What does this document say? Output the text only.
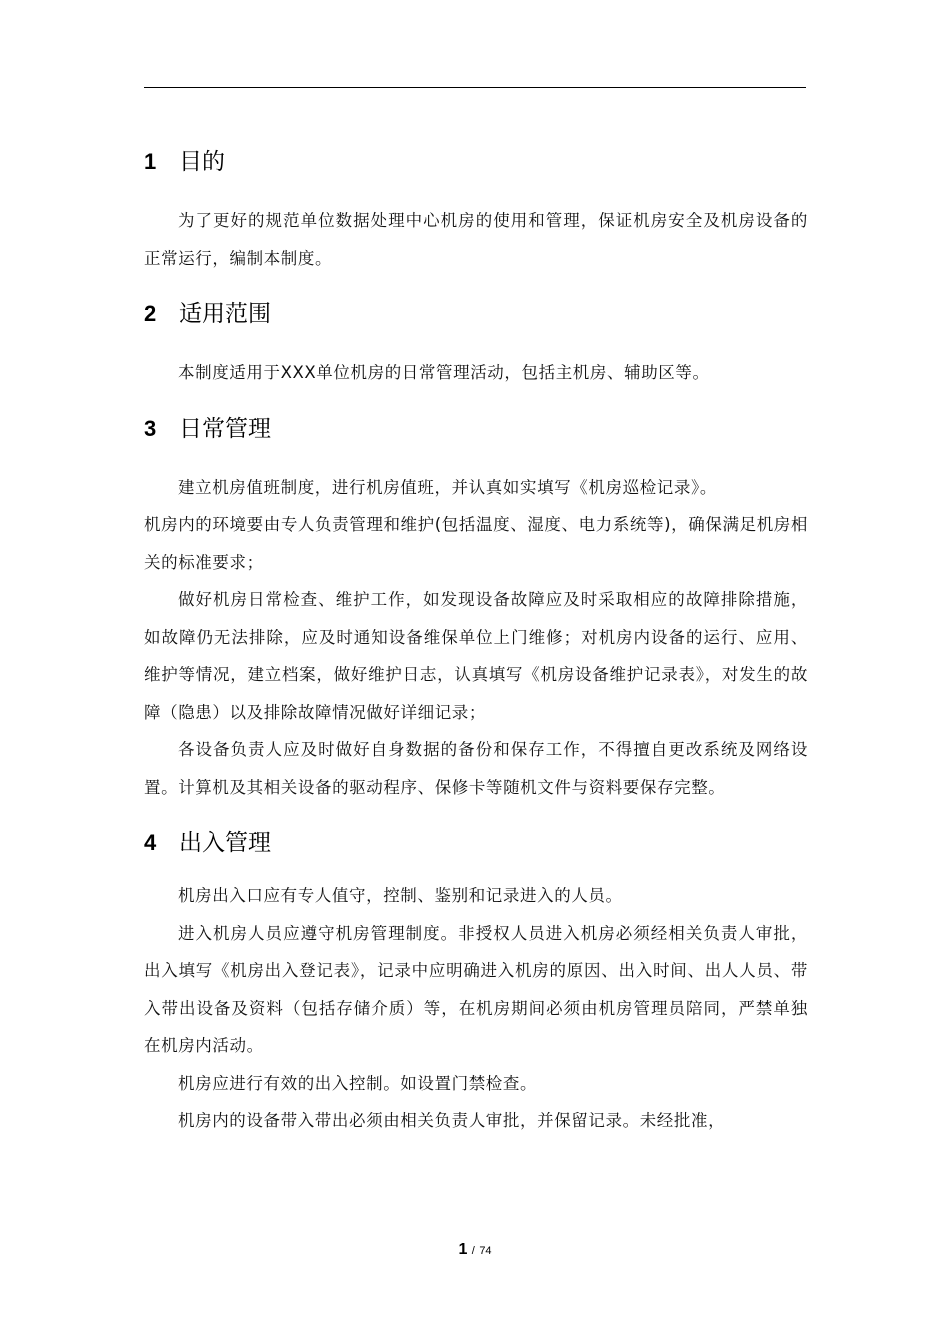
1 目的

为了更好的规范单位数据处理中心机房的使用和管理，保证机房安全及机房设备的正常运行，编制本制度。

2 适用范围

本制度适用于XXX单位机房的日常管理活动，包括主机房、辅助区等。

3 日常管理

建立机房值班制度，进行机房值班，并认真如实填写《机房巡检记录》。

机房内的环境要由专人负责管理和维护(包括温度、湿度、电力系统等)，确保满足机房相关的标准要求；

做好机房日常检查、维护工作，如发现设备故障应及时采取相应的故障排除措施，如故障仍无法排除，应及时通知设备维保单位上门维修；对机房内设备的运行、应用、维护等情况，建立档案，做好维护日志，认真填写《机房设备维护记录表》，对发生的故障（隐患）以及排除故障情况做好详细记录；

各设备负责人应及时做好自身数据的备份和保存工作，不得擅自更改系统及网络设置。计算机及其相关设备的驱动程序、保修卡等随机文件与资料要保存完整。

4 出入管理

机房出入口应有专人值守，控制、鉴别和记录进入的人员。

进入机房人员应遵守机房管理制度。非授权人员进入机房必须经相关负责人审批，出入填写《机房出入登记表》，记录中应明确进入机房的原因、出入时间、出人人员、带入带出设备及资料（包括存储介质）等，在机房期间必须由机房管理员陪同，严禁单独在机房内活动。

机房应进行有效的出入控制。如设置门禁检查。

机房内的设备带入带出必须由相关负责人审批，并保留记录。未经批准，

1 / 74
